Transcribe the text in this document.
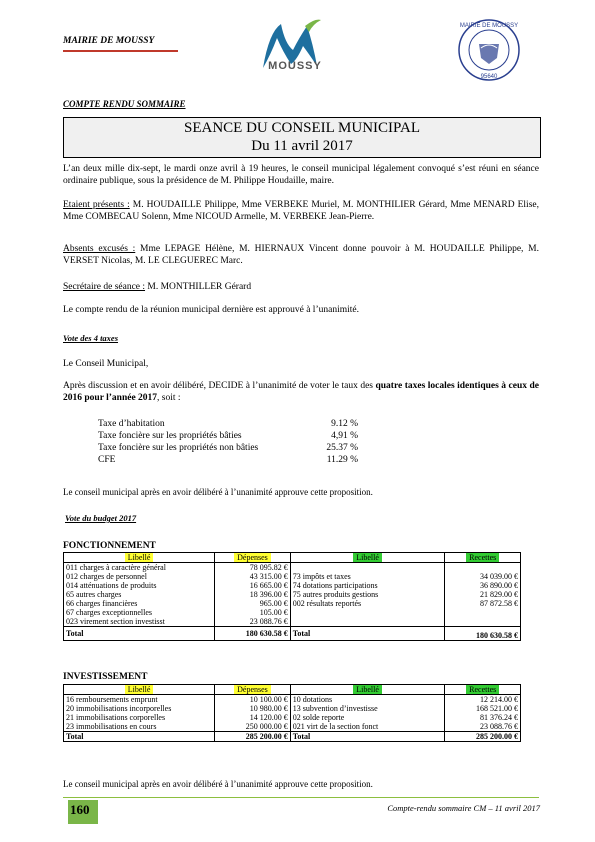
MAIRIE DE MOUSSY
MOUSSY
MAIRIE DE MOUSSY
95640
COMPTE RENDU SOMMAIRE
SEANCE DU CONSEIL MUNICIPAL
Du 11 avril 2017
L’an deux mille dix-sept, le mardi onze avril à 19 heures, le conseil municipal légalement convoqué s’est réuni en séance ordinaire publique, sous la présidence de M. Philippe Houdaille, maire.
Etaient présents : M. HOUDAILLE Philippe, Mme VERBEKE Muriel, M. MONTHILIER Gérard, Mme MENARD Elise, Mme COMBECAU Solenn, Mme NICOUD Armelle, M. VERBEKE Jean-Pierre.
Absents excusés : Mme LEPAGE Hélène, M. HIERNAUX Vincent donne pouvoir à M. HOUDAILLE Philippe, M. VERSET Nicolas, M. LE CLEGUEREC Marc.
Secrétaire de séance : M. MONTHILLER Gérard
Le compte rendu de la réunion municipal dernière est approuvé à l’unanimité.
Vote des 4 taxes
Le Conseil Municipal,
Après discussion et en avoir délibéré, DECIDE à l’unanimité de voter le taux des quatre taxes locales identiques à ceux de 2016 pour l’année 2017, soit :
Taxe d’habitation	9.12 %
Taxe foncière sur les propriétés bâties	4,91 %
Taxe foncière sur les propriétés non bâties	25.37 %
CFE	11.29 %
Le conseil municipal après en avoir délibéré à l’unanimité approuve cette proposition.
Vote du budget 2017
FONCTIONNEMENT
Libellé	Dépenses	Libellé	Recettes
011 charges à caractère général	78 095.82 €		
012 charges de personnel	43 315.00 €	73 impôts et taxes	34 039.00 €
014 atténuations de produits	16 665.00 €	74 dotations participations	36 890.00 €
65 autres charges	18 396.00 €	75 autres produits gestions	21 829.00 €
66 charges financières	965.00 €	002 résultats reportés	87 872.58 €
67 charges exceptionnelles	105.00 €		
023 virement section investisst	23 088.76 €		
Total	180 630.58 €	Total	180 630.58 €
INVESTISSEMENT
Libellé	Dépenses	Libellé	Recettes
16 remboursements emprunt	10 100.00 €	10 dotations	12 214.00 €
20 immobilisations incorporelles	10 980.00 €	13 subvention d’investisse	168 521.00 €
21 immobilisations corporelles	14 120.00 €	02 solde reporte	81 376.24 €
23 immobilisations en cours	250 000.00 €	021 virt de la section fonct	23 088.76 €
Total	285 200.00 €	Total	285 200.00 €
Le conseil municipal après en avoir délibéré à l’unanimité approuve cette proposition.
160	Compte-rendu sommaire CM – 11 avril 2017
